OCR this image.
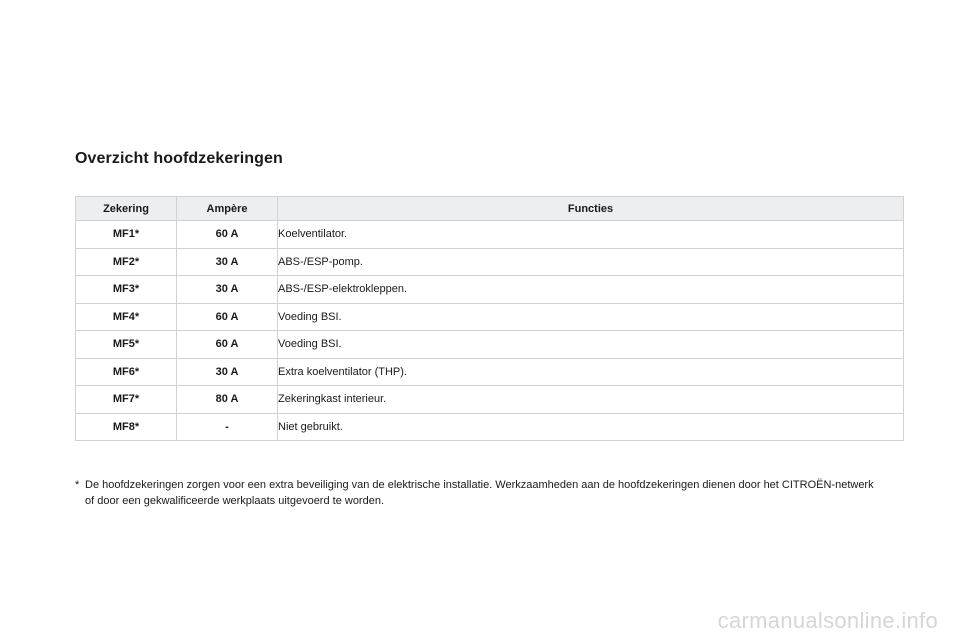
Overzicht hoofdzekeringen
Zekering	Ampère	Functies
MF1*	60 A	Koelventilator.
MF2*	30 A	ABS-/ESP-pomp.
MF3*	30 A	ABS-/ESP-elektrokleppen.
MF4*	60 A	Voeding BSI.
MF5*	60 A	Voeding BSI.
MF6*	30 A	Extra koelventilator (THP).
MF7*	80 A	Zekeringkast interieur.
MF8*	-	Niet gebruikt.
* De hoofdzekeringen zorgen voor een extra beveiliging van de elektrische installatie. Werkzaamheden aan de hoofdzekeringen dienen door het CITROËN-netwerk of door een gekwalificeerde werkplaats uitgevoerd te worden.
carmanualsonline.info
